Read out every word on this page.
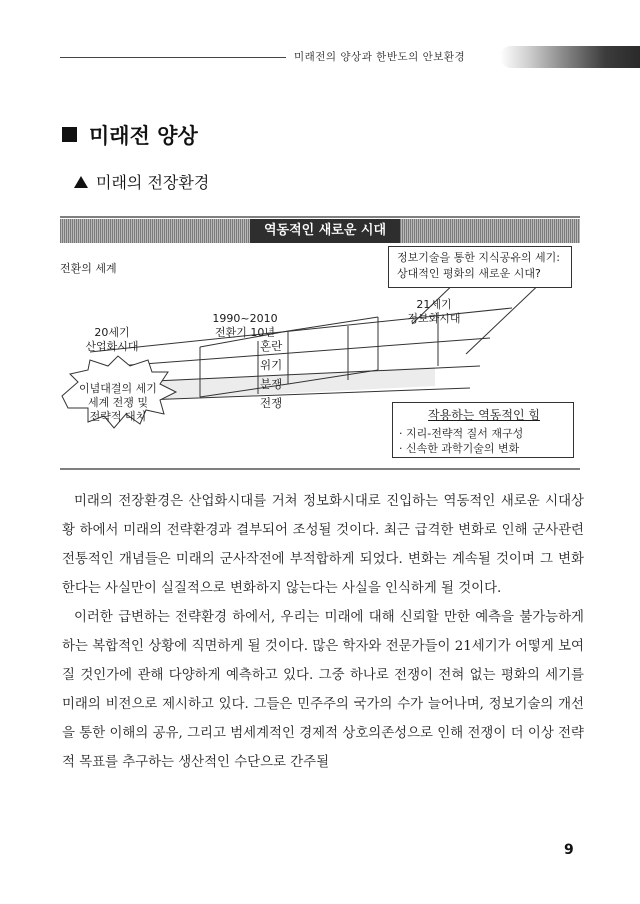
미래전의 양상과 한반도의 안보환경
미래전 양상
미래의 전장환경
역동적인 새로운 시대
전환의 세계
정보기술을 통한 지식공유의 세기:
상대적인 평화의 새로운 시대?
21세기
정보화시대
1990~2010
전환기 10년
20세기
산업화시대	혼란
위기
분쟁
전쟁
이념대결의 세기
세계 전쟁 및
전략적 대치	작용하는 역동적인 힘
· 지리-전략적 질서 재구성
· 신속한 과학기술의 변화

미래의 전장환경은 산업화시대를 거쳐 정보화시대로 진입하는 역동적인 새로운 시대상황 하에서 미래의 전략환경과 결부되어 조성될 것이다. 최근 급격한 변화로 인해 군사관련 전통적인 개념들은 미래의 군사작전에 부적합하게 되었다. 변화는 계속될 것이며 그 변화한다는 사실만이 실질적으로 변화하지 않는다는 사실을 인식하게 될 것이다.

이러한 급변하는 전략환경 하에서, 우리는 미래에 대해 신뢰할 만한 예측을 불가능하게 하는 복합적인 상황에 직면하게 될 것이다. 많은 학자와 전문가들이 21세기가 어떻게 보여질 것인가에 관해 다양하게 예측하고 있다. 그중 하나로 전쟁이 전혀 없는 평화의 세기를 미래의 비전으로 제시하고 있다. 그들은 민주주의 국가의 수가 늘어나며, 정보기술의 개선을 통한 이해의 공유, 그리고 범세계적인 경제적 상호의존성으로 인해 전쟁이 더 이상 전략적 목표를 추구하는 생산적인 수단으로 간주될

9
